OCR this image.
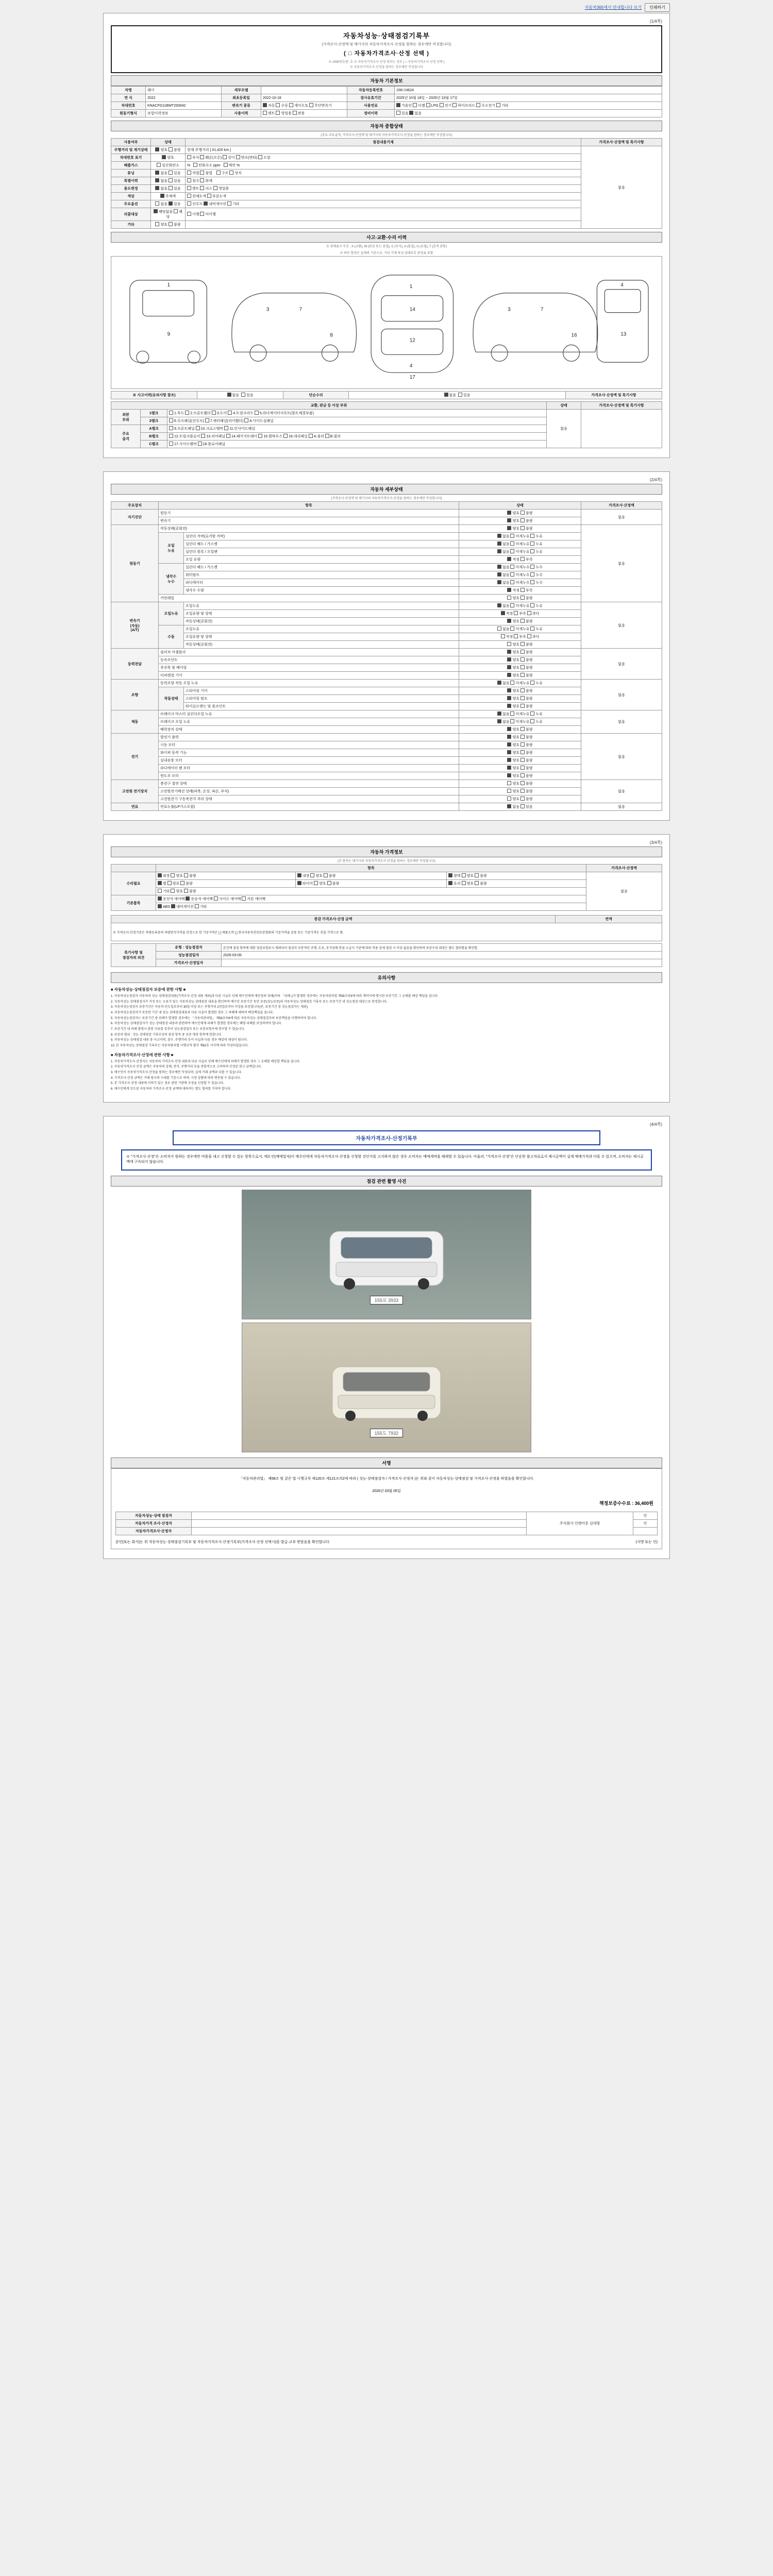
자동차365에서 안내합니다 보기	인쇄하기
(1/4쪽)
자동차성능·상태점검기록부
(가격조사·산정액 및 매기사의 자동차가격조사·산정을 원하는 경우에만 작성합니다)
( □ 자동차가격조사·산정 선택 )
※ 2000번호판: 호 ※ 자동차가격조사·산정 원하는 경우 ( □ 자동차가격조사·산정 선택 )
※ 자동차가격조사·산정을 원하는 경우에만 작성합니다
자동차 기본정보
차명	레이	세부모델		자동차등록번호	156너4624
연 식	2022	최초등록일	2022-10-18	검사유효기간	2025년 10월 18일 ~ 2026년 10월 17일
차대번호	KNACFG11BMT293042	변속기 종류	자동 수동 세미오토 무단변속기	사용연료	가솔린 디젤 LPG 전기 하이브리드 수소전기 기타
원동기형식	보험이력정보	사용이력	렌트 영업용 관용	정비이력	있음 없음
자동차 종합상태
(주요·주요골격, 가격조사·산정액 및 매기사의 자동차가격조사·산정을 원하는 경우에만 작성합니다)
사용여부	상태	점검내용기재	가격조사·산정액 및 특기사항
주행거리 및 계기상태	양호 불량	현재 주행거리 [ 01,420 km ]	없음
차대번호 표기	양호	부식 훼손(오손) 상이 변조(변타) 도말	
배출가스	일산화탄소	%   탄화수소 ppm   매연 %	
튜닝	없음 있음	적법 불법    구조 장치	
특별이력	없음 있음	침수 화재	
용도변경	없음 있음	렌트 리스 영업용	
색상	무채색	전체도색 부분도색	
주요옵션	없음 있음	선루프 내비게이션 기타	
리콜대상	해당없음 해당	이행 미이행	
기타	양호 불량		
사고·교환·수리 이력
※ 상태표시 부호 : X (교환), W (판금 또는 용접), C (부식), A (흠집), U (요철), T (흔적 관통)
※ 하부 항목은 실제의 기준으로, 기타 기재 특성 상태부호 판정표 포함
1
9
3	7
8
1
14
12
4
3	7
16
4
13
17
※ 사고이력(유의사항 참조)	없음 있음	단순수리	없음 있음	가격조사·산정액 및 특기사항
교환, 판금 등 이상 부위			상태	가격조사·산정액 및 특기사항
외판
부위	1랭크	1.후드 2.프론트휀더 3.도어 4.트렁크리드 5.라디에이터서포트(볼트체결부품)	없음	
	2랭크	6.루프패널(선루프) 7.쿼터패널(리어휀더) 8.사이드실패널		
주요
골격	A랭크	9.프론트패널 10.크로스멤버 11.인사이드패널		
	B랭크	12.트렁크플로어 13.리어패널 14.패키지트레이 15.휠하우스 16.대쉬패널 A.필러 B.필러		
	C랭크	17.사이드멤버 18.플로어패널		
(2/4쪽)
자동차 세부상태
(가격조사·산정액 및 매기사의 자동차가격조사·산정을 원하는 경우에만 작성합니다)
주요장치	항목		상태	가격조사·산정액
자기진단	원동기		양호 불량	없음
	변속기		양호 불량	
원동기	작동상태(공회전)		양호 불량	없음
	오일
누유	실린더 커버(로커암 커버)	없음 미세누유 누유	
		실린더 헤드 / 가스켓	없음 미세누유 누유	
		실린더 블록 / 오일팬	없음 미세누유 누유	
		오일 유량	적정 부족	
	냉각수
누수	실린더 헤드 / 가스켓	없음 미세누수 누수	
		워터펌프	없음 미세누수 누수	
		라디에이터	없음 미세누수 누수	
		냉각수 수량	적정 부족	
	커먼레일		양호 불량	
변속기
(자동)
(A/T)	오일누유	오일누유	없음 미세누유 누유	없음
		오일유량 및 상태	적정 부족 과다	
		작동상태(공회전)	양호 불량	
	수동	오일누유	없음 미세누유 누유	
		오일유량 및 상태	적정 부족 과다	
		작동상태(공회전)	양호 불량	
동력전달	클러치 어셈블리		양호 불량	없음
	등속조인트		양호 불량	
	추진축 및 베어링		양호 불량	
	디퍼렌셜 기어		양호 불량	
조향	동력조향 작동 오일 누유		없음 미세누유 누유	없음
	작동상태	스티어링 기어	양호 불량	
		스티어링 펌프	양호 불량	
		타이로드엔드 및 볼조인트	양호 불량	
제동	브레이크 마스터 실린더오일 누유		없음 미세누유 누유	없음
	브레이크 오일 누유		없음 미세누유 누유	
	배력장치 상태		양호 불량	
전기	발전기 출력		양호 불량	없음
	시동 모터		양호 불량	
	와이퍼 동작 기능		양호 불량	
	실내송풍 모터		양호 불량	
	라디에이터 팬 모터		양호 불량	
	윈도우 모터		양호 불량	
고전원 전기장치	충전구 절연 상태		양호 불량	없음
	고전원전기배선 상태(피복, 손상, 파손, 부식)		양호 불량	
	고전원전기 구동축전지 격리 상태		양호 불량	
연료	연료누출(LP가스포함)		없음 있음	없음
(3/4쪽)
자동차 가격정보
(주 항목은 매기사의 자동차가격조사·산정을 원하는 경우에만 작성합니다)
	항목			가격조사·산정액
수리필요	외장 양호 불량	내장 양호 불량	광택 양호 불량	없음
	휠 양호 불량	타이어 양호 불량	유리 양호 불량	
	기타 양호 불량			
기본품목	운전석 에어백 동승석 에어백 사이드 에어백 커튼 에어백			
	ABS 내비게이션 기타			
증감 가격조사·산정 금액	연액
※ 가격조사·산정기준은 차량등록증의 차량연식가격을 산정으로 한 기준가격은 [ ] 제품소비 [ ] 한국자동차진단보증협회의 기준가격을 준용 또는 기준가격은 산출 가격으로 함.
특기사항 및
점검자의 의견	유형 : 성능점검자	본건에 점검 항목에 대한 점검요망보시 제외되어 점검자 부분적인 주행, 도로, 부식상태 만큼 소급시 기준에 따라 적용 상세 점검 시 이상 없음을 확인하며 보증수리 대상은 별도 협의함을 확인함.
	성능점검일자	2026-03-05
	가격조사·산정일자	
유의사항
■ 자동차성능·상태점검자 보증에 관한 사항 ■

1. 자동차성능점검자 자동차의 성능·상태점검내용(가격조사·산정 내용 제외)과 다른 사실로 인해 매수인에게 재산상의 피해(이하 「피해」)가 발생한 경우에는 자동차관리법 제58조의4에 따라 계약서에 명시된 보증기간 그 손해를 배상 책임을 집니다.

2. 자동차성능·상태점검자가 거짓 또는 오류가 있는 자동차성능·상태점검 내용을 확인하여 매수인 보증기간 동안 보증(성능보증)의 자동차성능·상태점검 기록부 또는 보증기간 내 성능점검 대상으로 한정합니다.

3. 자동차성능점검자 보증기간은 자동차 인도일로부터 30일 이상 또는 주행거리 2천킬로미터 이상을 보증합니다(단, 보증기간 중 성능점검자는 제외).

4. 자동차성능점검자가 보증한 기간 내 성능·상태점검내용과 다른 사실이 발생한 경우 그 피해에 대하여 배상책임을 집니다.

5. 자동차성능점검자는 보증기간 중 피해가 발생한 경우에는 「자동차관리법」 제58조의4에 따른 자동차성능·상태점검자의 보증책임을 이행하여야 합니다.

6. 자동차성능·상태점검자가 성능·상태점검 내용과 관련하여 매수인에게 피해가 발생한 경우에는 해당 피해를 보상하여야 합니다.

7. 보증기간 내 피해 발생시 관련 서류를 갖추어 성능점검업자 또는 보증보험사에 청구할 수 있습니다.

8. 보증의 범위 : 성능·상태점검 기록부상의 점검 항목 중 보증 대상 항목에 한합니다.

9. 자동차성능·상태점검 내용 중 사고이력, 침수, 주행거리 등이 사실과 다른 경우 배상의 대상이 됩니다.

10. 본 자동차성능·상태점검 기록부는 자동차관리법 시행규칙 별지 제82호 서식에 따라 작성되었습니다.

■ 자동차가격조사·산정에 관한 사항 ■

1. 자동차가격조사·산정자는 자동차의 가격조사·산정 내용과 다른 사실로 인해 매수인에게 피해가 발생한 경우 그 손해를 배상할 책임을 집니다.

2. 자동차가격조사·산정 금액은 자동차의 상태, 연식, 주행거리 등을 종합적으로 고려하여 산정된 참고 금액입니다.

3. 매수인이 자동차가격조사·산정을 원하는 경우에만 작성되며, 실제 거래 금액과 다를 수 있습니다.

4. 가격조사·산정 금액은 거래 당시의 시세를 기준으로 하며, 시장 상황에 따라 변동될 수 있습니다.

5. 본 가격조사·산정 내용에 이의가 있는 경우 관련 기관에 조정을 신청할 수 있습니다.

6. 매수인에게 인도된 자동차의 가격조사·산정 금액에 대하여는 별도 협의를 거쳐야 합니다.

(4/4쪽)
자동차가격조사·산정기록부
※ "가격조사·산정"은 소비자가 원하는 경우에만 비용을 내고 신청할 수 있는 항목으로서, 매도인(매매업자)이 매수인에게 자동차가격조사·산정을 신청할 것인지를 고지하지 않은 경우 소비자는 매매계약을 해제할 수 있습니다. 아울러, "가격조사·산정"은 단순한 참고자료로서 제시금액이 실제 매매가격과 다를 수 있으며, 소비자는 제시금액에 구속되지 않습니다.
점검 관련 촬영 사진
155로 3933
155도 7932
서명
「자동차관리법」 제58조 및 같은 법 시행규칙 제120조·제121조의2에 따라 ( 성능·상태점검자 / 가격조사·산정자 )는 위와 같이 자동차성능·상태점검 및 가격조사·산정을 하였음을 확인합니다.
2026년 03월 05일
책정보증수수료 : 36,400원
자동차성능·상태 점검자		주식회사 인앤아웃 김대형	인
자동차가격 조사·산정자			인
자동차가격조사·산정자			
본인(또는 회사)는 위 자동차성능·상태점검기록부 및 자동차가격조사·산정기록부(가격조사·산정 선택시)를 발급·교부 받았음을 확인합니다.	(서명 또는 인)
